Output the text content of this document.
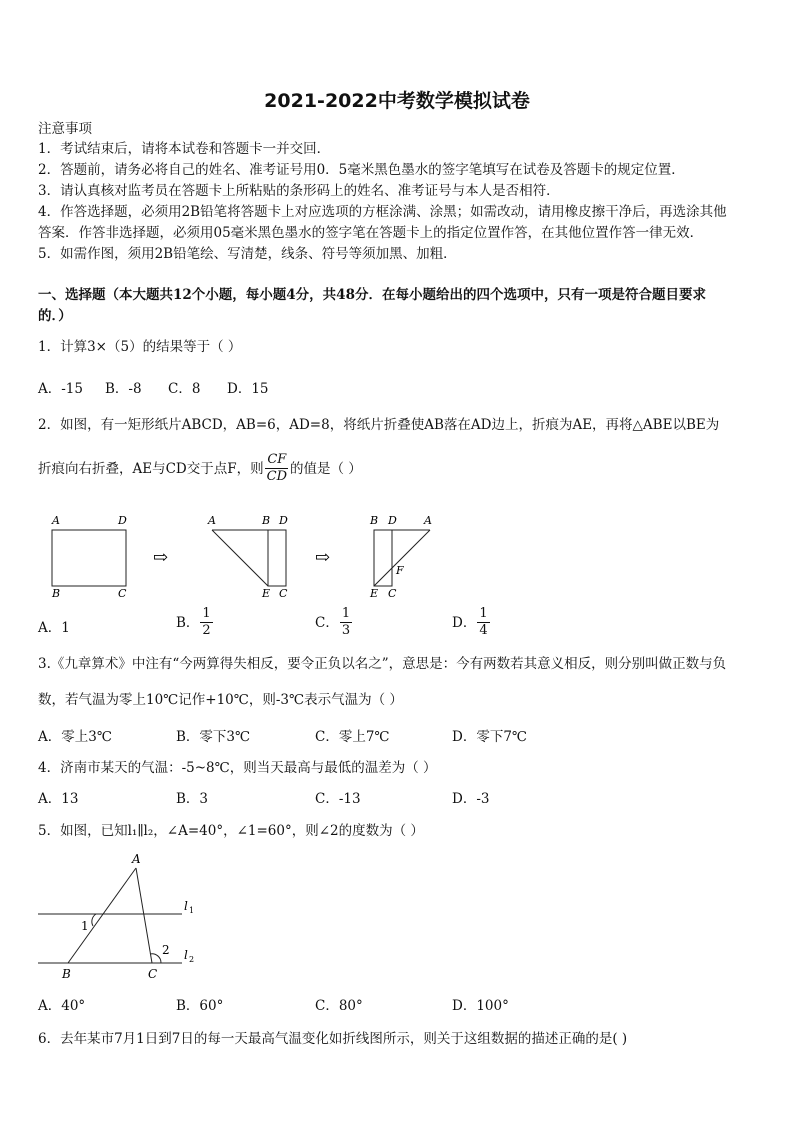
2021-2022中考数学模拟试卷
注意事项
1．考试结束后，请将本试卷和答题卡一并交回．
2．答题前，请务必将自己的姓名、准考证号用0．5毫米黑色墨水的签字笔填写在试卷及答题卡的规定位置．
3．请认真核对监考员在答题卡上所粘贴的条形码上的姓名、准考证号与本人是否相符．
4．作答选择题，必须用2B铅笔将答题卡上对应选项的方框涂满、涂黑；如需改动，请用橡皮擦干净后，再选涂其他
答案．作答非选择题，必须用05毫米黑色墨水的签字笔在答题卡上的指定位置作答，在其他位置作答一律无效．
5．如需作图，须用2B铅笔绘、写清楚，线条、符号等须加黑、加粗．
一、选择题（本大题共12个小题，每小题4分，共48分．在每小题给出的四个选项中，只有一项是符合题目要求
的．）
1．计算3×（5）的结果等于（ ）
A．-15 B．-8 C．8 D．15
2．如图，有一矩形纸片ABCD，AB=6，AD=8，将纸片折叠使AB落在AD边上，折痕为AE，再将△ABE以BE为
折痕向右折叠，AE与CD交于点F，则 $\frac{CF}{CD}$ 的值是（ ）
A	D
B	C
⇨
A	B D
E C
⇨
B D A
F
E C
A．1	B． $\frac{1}{2}$	C． $\frac{1}{3}$	D． $\frac{1}{4}$
3.《九章算术》中注有“今两算得失相反，要令正负以名之”，意思是：今有两数若其意义相反，则分别叫做正数与负
数，若气温为零上10℃记作+10℃，则-3℃表示气温为（ ）
A．零上3℃	B．零下3℃	C．零上7℃	D．零下7℃
4．济南市某天的气温：-5~8℃，则当天最高与最低的温差为（ ）
A．13	B．3	C．-13	D．-3
5．如图，已知l₁∥l₂，∠A=40°，∠1=60°，则∠2的度数为（ ）
A
1
2
B	C
l 1
l 2
A．40°	B．60°	C．80°	D．100°
6．去年某市7月1日到7日的每一天最高气温变化如折线图所示，则关于这组数据的描述正确的是( )
